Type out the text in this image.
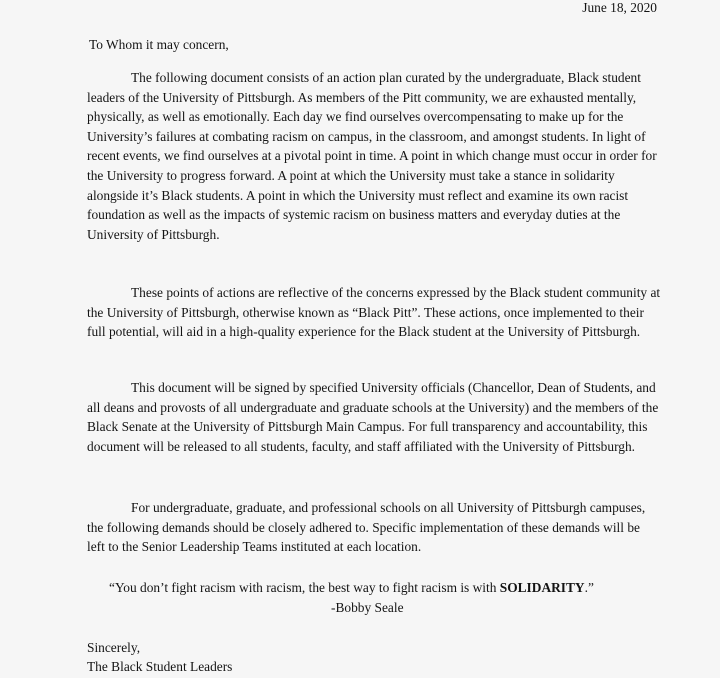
June 18, 2020
To Whom it may concern,

The following document consists of an action plan curated by the undergraduate, Black student leaders of the University of Pittsburgh. As members of the Pitt community, we are exhausted mentally, physically, as well as emotionally. Each day we find ourselves overcompensating to make up for the University’s failures at combating racism on campus, in the classroom, and amongst students. In light of recent events, we find ourselves at a pivotal point in time. A point in which change must occur in order for the University to progress forward. A point at which the University must take a stance in solidarity alongside it’s Black students. A point in which the University must reflect and examine its own racist foundation as well as the impacts of systemic racism on business matters and everyday duties at the University of Pittsburgh.

These points of actions are reflective of the concerns expressed by the Black student community at the University of Pittsburgh, otherwise known as “Black Pitt”. These actions, once implemented to their full potential, will aid in a high-quality experience for the Black student at the University of Pittsburgh.

This document will be signed by specified University officials (Chancellor, Dean of Students, and all deans and provosts of all undergraduate and graduate schools at the University) and the members of the Black Senate at the University of Pittsburgh Main Campus. For full transparency and accountability, this document will be released to all students, faculty, and staff affiliated with the University of Pittsburgh.

For undergraduate, graduate, and professional schools on all University of Pittsburgh campuses, the following demands should be closely adhered to. Specific implementation of these demands will be left to the Senior Leadership Teams instituted at each location.

“You don’t fight racism with racism, the best way to fight racism is with SOLIDARITY.”
-Bobby Seale
Sincerely,
The Black Student Leaders
